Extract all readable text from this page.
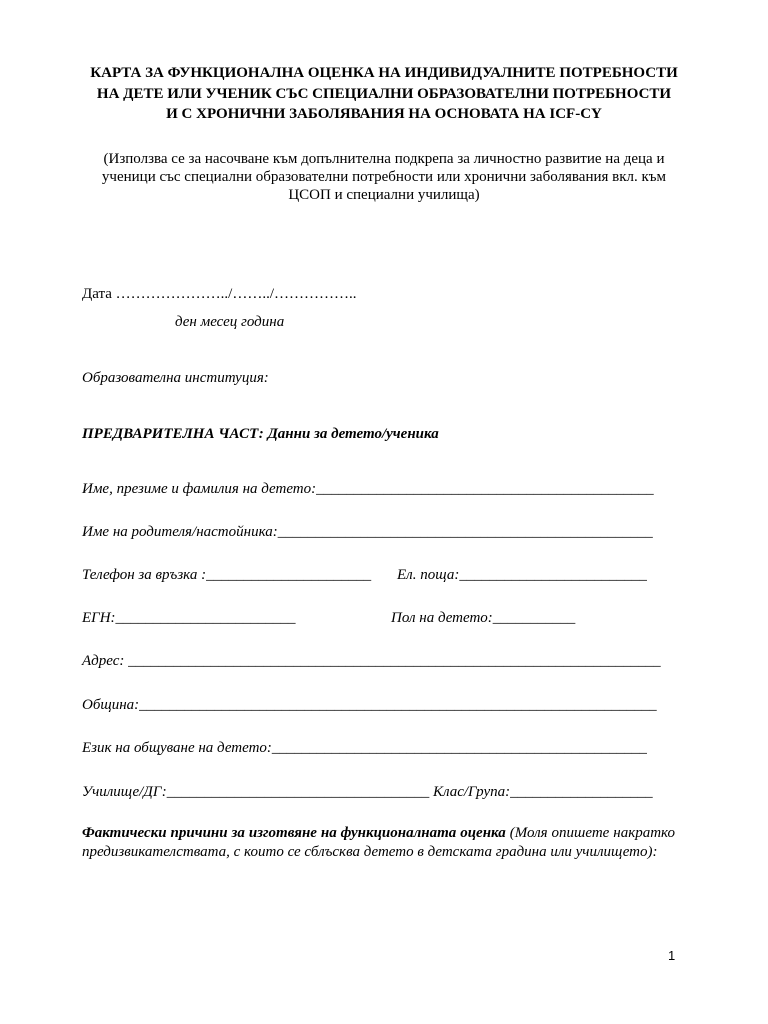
КАРТА ЗА ФУНКЦИОНАЛНА ОЦЕНКА НА ИНДИВИДУАЛНИТЕ ПОТРЕБНОСТИ НА ДЕТЕ ИЛИ УЧЕНИК СЪС СПЕЦИАЛНИ ОБРАЗОВАТЕЛНИ ПОТРЕБНОСТИ И С ХРОНИЧНИ ЗАБОЛЯВАНИЯ НА ОСНОВАТА НА ICF-CY
(Използва се за насочване към допълнителна подкрепа за личностно развитие на деца и ученици със специални образователни потребности или хронични заболявания вкл. към ЦСОП и специални училища)
Дата …………………../……../……………..
ден месец година
Образователна институция:
ПРЕДВАРИТЕЛНА ЧАСТ: Данни за детето/ученика
Име, презиме и фамилия на детето:_____________________________________________
Име на родителя/настойника:__________________________________________________
Телефон за връзка :______________________ Ел. поща:_________________________
ЕГН:________________________	Пол на детето:___________
Адрес: _______________________________________________________________________
Община:_____________________________________________________________________
Език на общуване на детето:__________________________________________________
Училище/ДГ:___________________________________ Клас/Група:___________________
Фактически причини за изготвяне на функционалната оценка (Моля опишете накратко предизвикателствата, с които се сблъсква детето в детската градина или училището):
1
